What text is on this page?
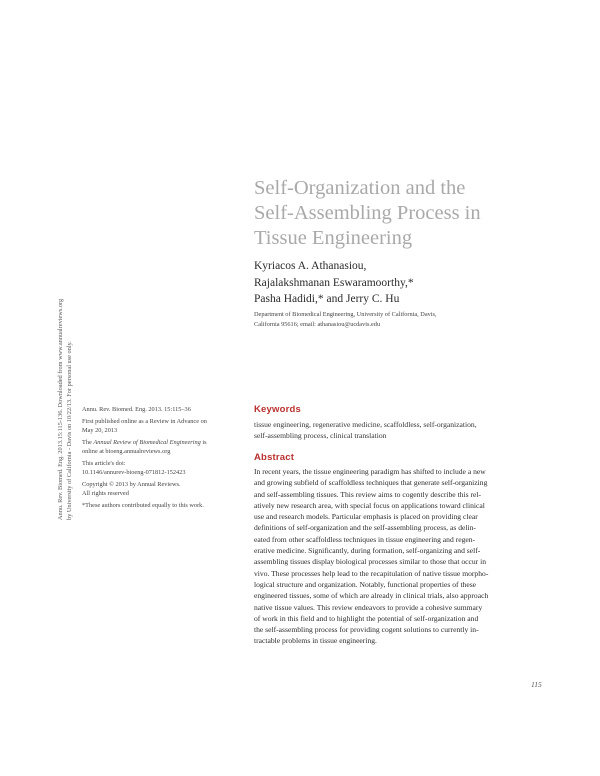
Annu. Rev. Biomed. Eng. 2013.15:115-136. Downloaded from www.annualreviews.org by University of California - Davis on 10/22/13. For personal use only.
Self-Organization and the
Self-Assembling Process in
Tissue Engineering
Kyriacos A. Athanasiou,
Rajalakshmanan Eswaramoorthy,*
Pasha Hadidi,* and Jerry C. Hu
Department of Biomedical Engineering, University of California, Davis,
California 95616; email: athanasiou@ucdavis.edu
Annu. Rev. Biomed. Eng. 2013. 15:115–36
First published online as a Review in Advance on
May 20, 2013
The Annual Review of Biomedical Engineering is
online at bioeng.annualreviews.org
This article's doi:
10.1146/annurev-bioeng-071812-152423
Copyright © 2013 by Annual Reviews.
All rights reserved
*These authors contributed equally to this work.
Keywords
tissue engineering, regenerative medicine, scaffoldless, self-organization,
self-assembling process, clinical translation
Abstract
In recent years, the tissue engineering paradigm has shifted to include a new
and growing subfield of scaffoldless techniques that generate self-organizing
and self-assembling tissues. This review aims to cogently describe this rel-
atively new research area, with special focus on applications toward clinical
use and research models. Particular emphasis is placed on providing clear
definitions of self-organization and the self-assembling process, as delin-
eated from other scaffoldless techniques in tissue engineering and regen-
erative medicine. Significantly, during formation, self-organizing and self-
assembling tissues display biological processes similar to those that occur in
vivo. These processes help lead to the recapitulation of native tissue morpho-
logical structure and organization. Notably, functional properties of these
engineered tissues, some of which are already in clinical trials, also approach
native tissue values. This review endeavors to provide a cohesive summary
of work in this field and to highlight the potential of self-organization and
the self-assembling process for providing cogent solutions to currently in-
tractable problems in tissue engineering.
115
